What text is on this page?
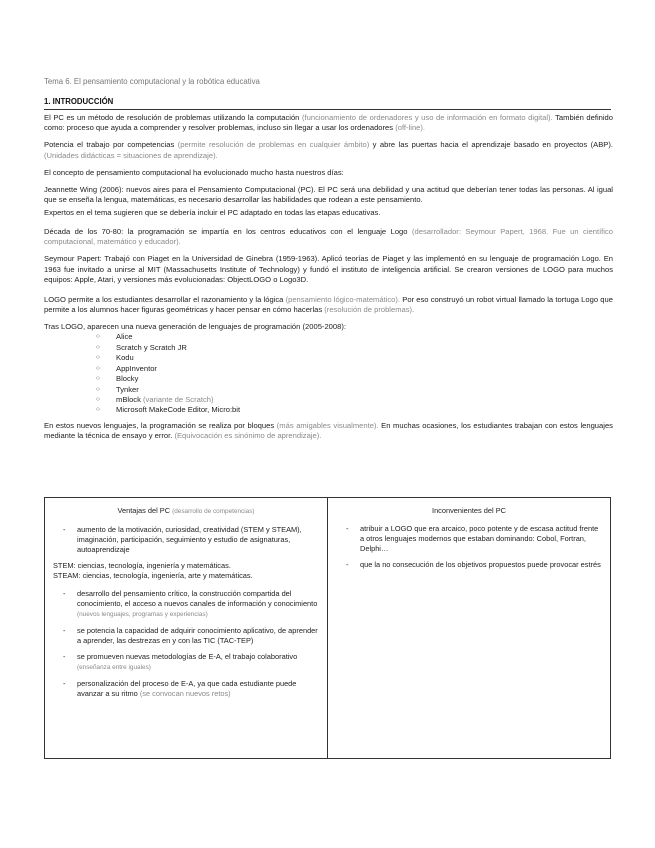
Tema 6. El pensamiento computacional y la robótica educativa
1. INTRODUCCIÓN

El PC es un método de resolución de problemas utilizando la computación (funcionamiento de ordenadores y uso de información en formato digital). También definido como: proceso que ayuda a comprender y resolver problemas, incluso sin llegar a usar los ordenadores (off-line).

Potencia el trabajo por competencias (permite resolución de problemas en cualquier ámbito) y abre las puertas hacia el aprendizaje basado en proyectos (ABP). (Unidades didácticas = situaciones de aprendizaje).

El concepto de pensamiento computacional ha evolucionado mucho hasta nuestros días:

Jeannette Wing (2006): nuevos aires para el Pensamiento Computacional (PC). El PC será una debilidad y una actitud que deberían tener todas las personas. Al igual que se enseña la lengua, matemáticas, es necesario desarrollar las habilidades que rodean a este pensamiento.

Expertos en el tema sugieren que se debería incluir el PC adaptado en todas las etapas educativas.

Década de los 70-80: la programación se impartía en los centros educativos con el lenguaje Logo (desarrollador: Seymour Papert, 1968. Fue un científico computacional, matemático y educador).

Seymour Papert: Trabajó con Piaget en la Universidad de Ginebra (1959-1963). Aplicó teorías de Piaget y las implementó en su lenguaje de programación Logo. En 1963 fue invitado a unirse al MIT (Massachusetts Institute of Technology) y fundó el instituto de inteligencia artificial. Se crearon versiones de LOGO para muchos equipos: Apple, Atari, y versiones más evolucionadas: ObjectLOGO o Logo3D.

LOGO permite a los estudiantes desarrollar el razonamiento y la lógica (pensamiento lógico-matemático). Por eso construyó un robot virtual llamado la tortuga Logo que permite a los alumnos hacer figuras geométricas y hacer pensar en cómo hacerlas (resolución de problemas).

Tras LOGO, aparecen una nueva generación de lenguajes de programación (2005-2008):

○ Alice
○ Scratch y Scratch JR
○ Kodu
○ AppInventor
○ Blocky
○ Tynker
○ mBlock (variante de Scratch)
○ Microsoft MakeCode Editor, Micro:bit

En estos nuevos lenguajes, la programación se realiza por bloques (más amigables visualmente). En muchas ocasiones, los estudiantes trabajan con estos lenguajes mediante la técnica de ensayo y error. (Equivocación es sinónimo de aprendizaje).

Ventajas del PC (desarrollo de competencias)
- aumento de la motivación, curiosidad, creatividad (STEM y STEAM), imaginación, participación, seguimiento y estudio de asignaturas, autoaprendizaje
STEM: ciencias, tecnología, ingeniería y matemáticas.
STEAM: ciencias, tecnología, ingeniería, arte y matemáticas.
- desarrollo del pensamiento crítico, la construcción compartida del conocimiento, el acceso a nuevos canales de información y conocimiento (nuevos lenguajes, programas y experiencias)
- se potencia la capacidad de adquirir conocimiento aplicativo, de aprender a aprender, las destrezas en y con las TIC (TAC-TEP)
- se promueven nuevas metodologías de E-A, el trabajo colaborativo (enseñanza entre iguales)
- personalización del proceso de E-A, ya que cada estudiante puede avanzar a su ritmo (se convocan nuevos retos)

Inconvenientes del PC
- atribuir a LOGO que era arcaico, poco potente y de escasa actitud frente a otros lenguajes modernos que estaban dominando: Cobol, Fortran, Delphi…
- que la no consecución de los objetivos propuestos puede provocar estrés
